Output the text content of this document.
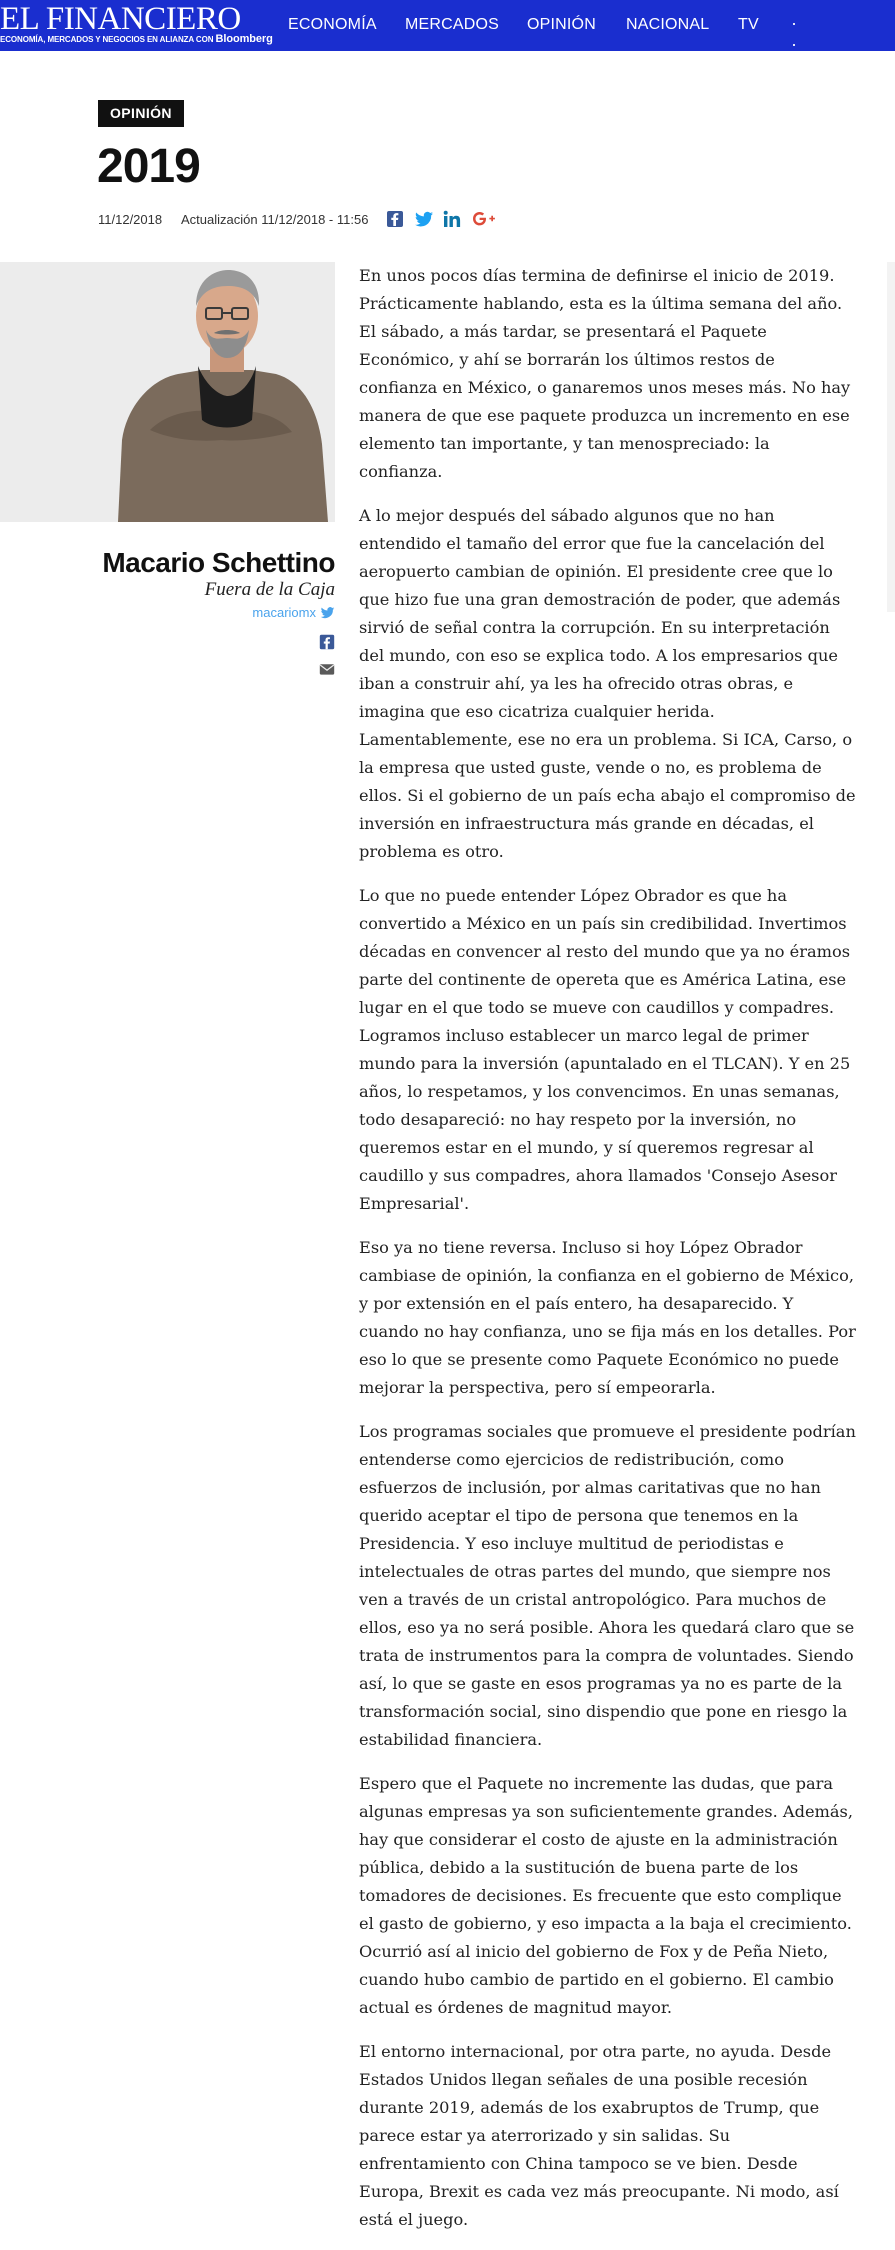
EL FINANCIERO
ECONOMÍA, MERCADOS Y NEGOCIOS EN ALIANZA CON Bloomberg
ECONOMÍA MERCADOS OPINIÓN NACIONAL TV · · ·
OPINIÓN
2019
11/12/2018 Actualización 11/12/2018 - 11:56
Macario Schettino
Fuera de la Caja
macariomx

En unos pocos días termina de definirse el inicio de 2019. Prácticamente hablando, esta es la última semana del año. El sábado, a más tardar, se presentará el Paquete Económico, y ahí se borrarán los últimos restos de confianza en México, o ganaremos unos meses más. No hay manera de que ese paquete produzca un incremento en ese elemento tan importante, y tan menospreciado: la confianza.

A lo mejor después del sábado algunos que no han entendido el tamaño del error que fue la cancelación del aeropuerto cambian de opinión. El presidente cree que lo que hizo fue una gran demostración de poder, que además sirvió de señal contra la corrupción. En su interpretación del mundo, con eso se explica todo. A los empresarios que iban a construir ahí, ya les ha ofrecido otras obras, e imagina que eso cicatriza cualquier herida. Lamentablemente, ese no era un problema. Si ICA, Carso, o la empresa que usted guste, vende o no, es problema de ellos. Si el gobierno de un país echa abajo el compromiso de inversión en infraestructura más grande en décadas, el problema es otro.

Lo que no puede entender López Obrador es que ha convertido a México en un país sin credibilidad. Invertimos décadas en convencer al resto del mundo que ya no éramos parte del continente de opereta que es América Latina, ese lugar en el que todo se mueve con caudillos y compadres. Logramos incluso establecer un marco legal de primer mundo para la inversión (apuntalado en el TLCAN). Y en 25 años, lo respetamos, y los convencimos. En unas semanas, todo desapareció: no hay respeto por la inversión, no queremos estar en el mundo, y sí queremos regresar al caudillo y sus compadres, ahora llamados 'Consejo Asesor Empresarial'.

Eso ya no tiene reversa. Incluso si hoy López Obrador cambiase de opinión, la confianza en el gobierno de México, y por extensión en el país entero, ha desaparecido. Y cuando no hay confianza, uno se fija más en los detalles. Por eso lo que se presente como Paquete Económico no puede mejorar la perspectiva, pero sí empeorarla.

Los programas sociales que promueve el presidente podrían entenderse como ejercicios de redistribución, como esfuerzos de inclusión, por almas caritativas que no han querido aceptar el tipo de persona que tenemos en la Presidencia. Y eso incluye multitud de periodistas e intelectuales de otras partes del mundo, que siempre nos ven a través de un cristal antropológico. Para muchos de ellos, eso ya no será posible. Ahora les quedará claro que se trata de instrumentos para la compra de voluntades. Siendo así, lo que se gaste en esos programas ya no es parte de la transformación social, sino dispendio que pone en riesgo la estabilidad financiera.

Espero que el Paquete no incremente las dudas, que para algunas empresas ya son suficientemente grandes. Además, hay que considerar el costo de ajuste en la administración pública, debido a la sustitución de buena parte de los tomadores de decisiones. Es frecuente que esto complique el gasto de gobierno, y eso impacta a la baja el crecimiento. Ocurrió así al inicio del gobierno de Fox y de Peña Nieto, cuando hubo cambio de partido en el gobierno. El cambio actual es órdenes de magnitud mayor.

El entorno internacional, por otra parte, no ayuda. Desde Estados Unidos llegan señales de una posible recesión durante 2019, además de los exabruptos de Trump, que parece estar ya aterrorizado y sin salidas. Su enfrentamiento con China tampoco se ve bien. Desde Europa, Brexit es cada vez más preocupante. Ni modo, así está el juego.
